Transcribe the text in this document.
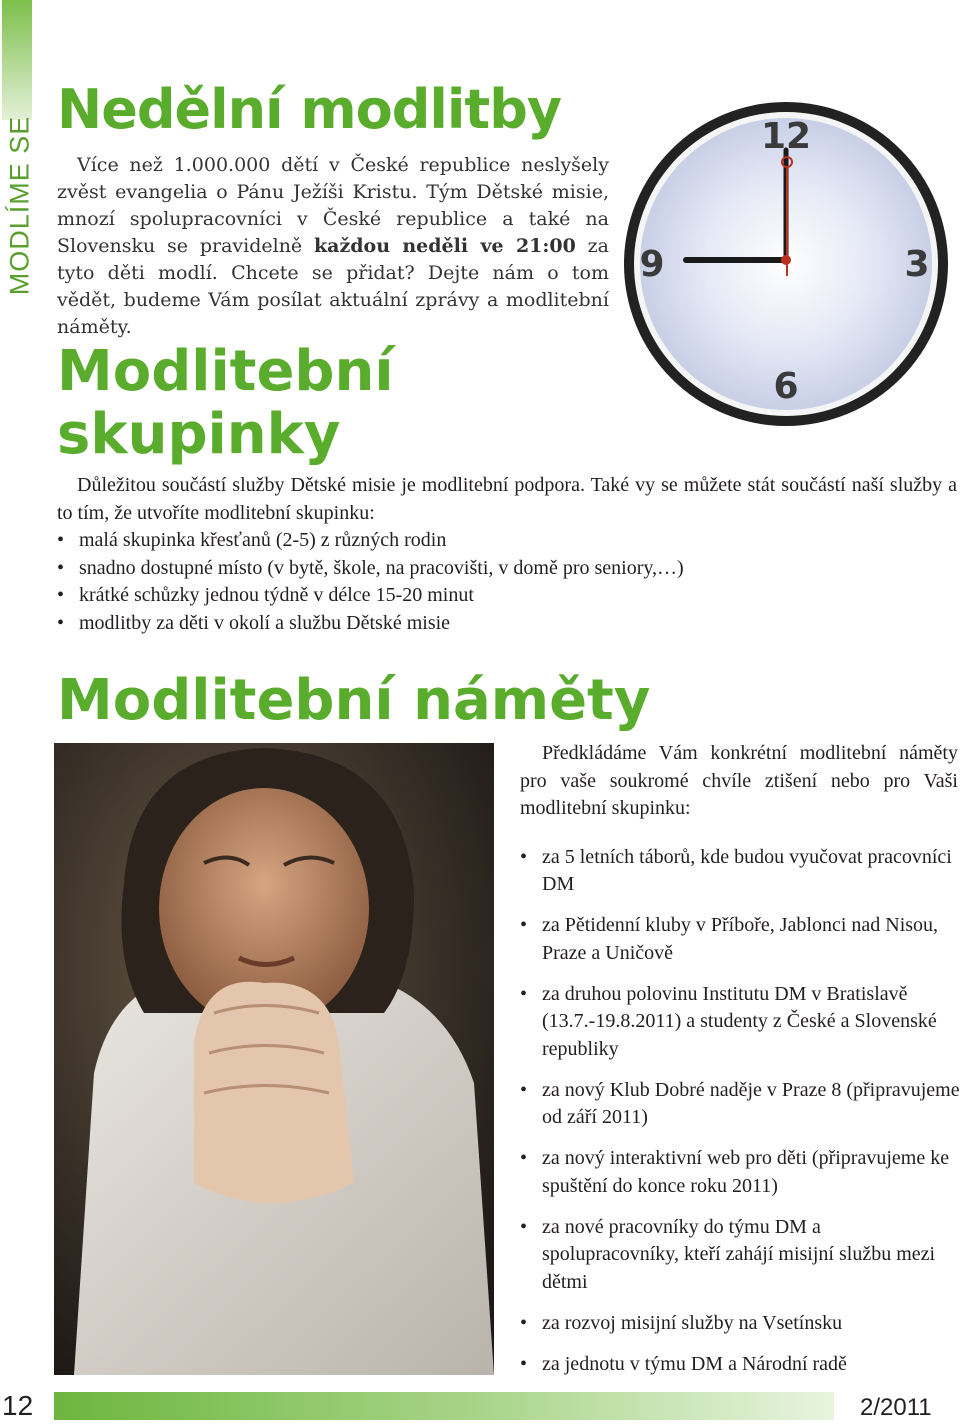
MODLÍME SE
Nedělní modlitby

Více než 1.000.000 dětí v České republice neslyšely zvěst evangelia o Pánu Ježíši Kristu. Tým Dětské misie, mnozí spolupracovníci v České republice a také na Slovensku se pravidelně každou neděli ve 21:00 za tyto děti modlí. Chcete se přidat? Dejte nám o tom vědět, budeme Vám posílat aktuální zprávy a modlitební náměty.

12
3
6
9
Modlitební
skupinky

Důležitou součástí služby Dětské misie je modlitební podpora. Také vy se můžete stát součástí naší služby a to tím, že utvoříte modlitební skupinku:

• malá skupinka křesťanů (2-5) z různých rodin
• snadno dostupné místo (v bytě, škole, na pracovišti, v domě pro seniory,…)
• krátké schůzky jednou týdně v délce 15-20 minut
• modlitby za děti v okolí a službu Dětské misie
Modlitební náměty

Předkládáme Vám konkrétní modlitební náměty pro vaše soukromé chvíle ztišení nebo pro Vaši modlitební skupinku:

• za 5 letních táborů, kde budou vyučovat pracovníci DM
• za Pětidenní kluby v Příboře, Jablonci nad Nisou, Praze a Uničově
• za druhou polovinu Institutu DM v Bratislavě (13.7.-19.8.2011) a studenty z České a Slovenské republiky
• za nový Klub Dobré naděje v Praze 8 (připravujeme od září 2011)
• za nový interaktivní web pro děti (připravujeme ke spuštění do konce roku 2011)
• za nové pracovníky do týmu DM a spolupracovníky, kteří zahájí misijní službu mezi dětmi
• za rozvoj misijní služby na Vsetínsku
• za jednotu v týmu DM a Národní radě
12	2/2011
